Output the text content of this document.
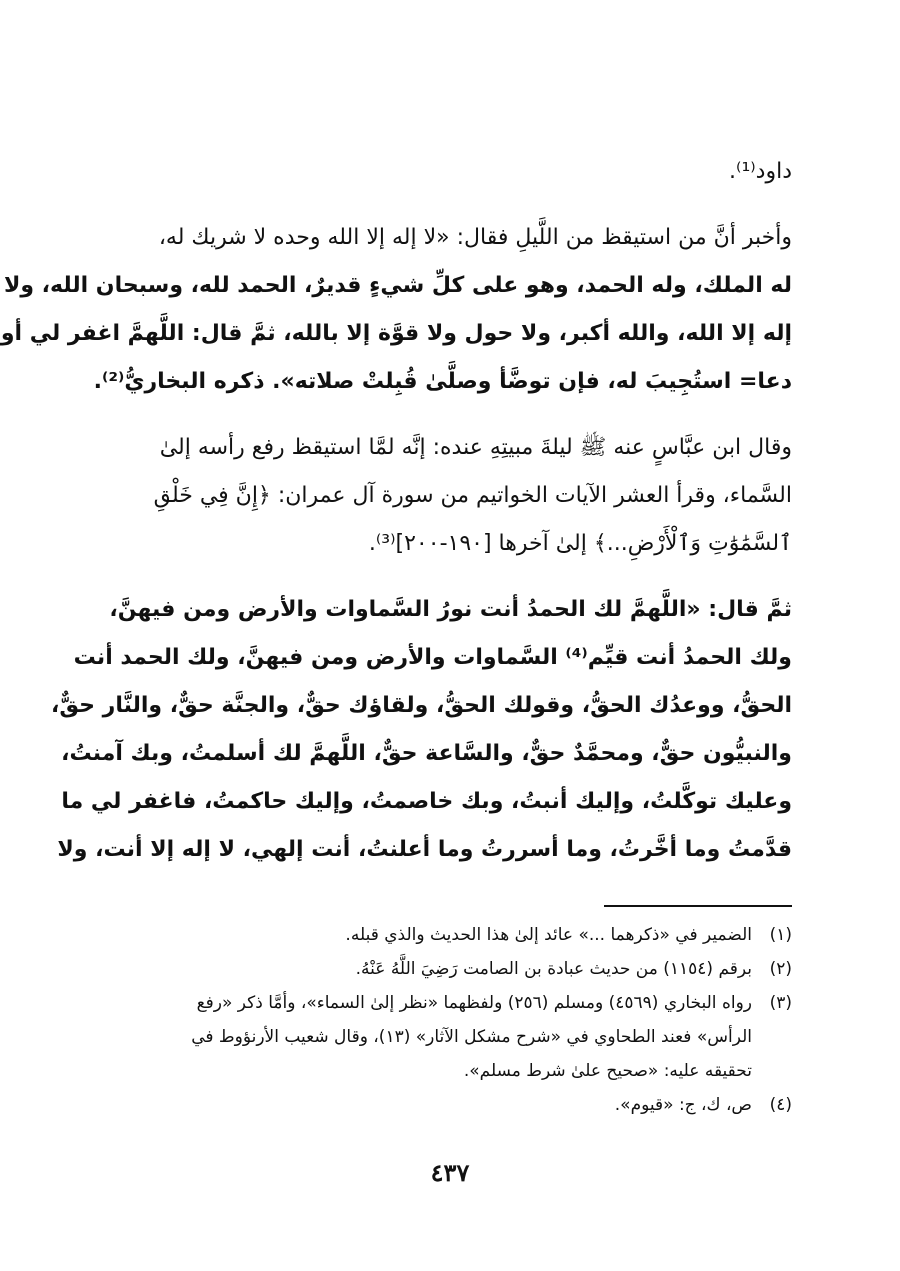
داود⁽¹⁾.
وأخبر أنَّ من استيقظ من اللَّيلِ فقال: «لا إله إلا الله وحده لا شريك له،
له الملك، وله الحمد، وهو على كلِّ شيءٍ قديرٌ، الحمد لله، وسبحان الله، ولا
إله إلا الله، والله أكبر، ولا حول ولا قوَّة إلا بالله، ثمَّ قال: اللَّهمَّ اغفر لي أو
دعا= استُجِيبَ له، فإن توضَّأ وصلَّىٰ قُبِلتْ صلاته». ذكره البخاريُّ⁽²⁾.
وقال ابن عبَّاسٍ عنه ﷺ ليلةَ مبيتِهِ عنده: إنَّه لمَّا استيقظ رفع رأسه إلىٰ
السَّماء، وقرأ العشر الآيات الخواتيم من سورة آل عمران: ﴿إِنَّ فِي خَلْقِ
ٱلسَّمَٰوَٰتِ وَٱلْأَرْضِ...﴾ إلىٰ آخرها [١٩٠-٢٠٠]⁽³⁾.
ثمَّ قال: «اللَّهمَّ لك الحمدُ أنت نورُ السَّماوات والأرض ومن فيهنَّ،
ولك الحمدُ أنت قيِّم⁽⁴⁾ السَّماوات والأرض ومن فيهنَّ، ولك الحمد أنت
الحقُّ، ووعدُك الحقُّ، وقولك الحقُّ، ولقاؤك حقٌّ، والجنَّة حقٌّ، والنَّار حقٌّ،
والنبيُّون حقٌّ، ومحمَّدٌ حقٌّ، والسَّاعة حقٌّ، اللَّهمَّ لك أسلمتُ، وبك آمنتُ،
وعليك توكَّلتُ، وإليك أنبتُ، وبك خاصمتُ، وإليك حاكمتُ، فاغفر لي ما
قدَّمتُ وما أخَّرتُ، وما أسررتُ وما أعلنتُ، أنت إلهي، لا إله إلا أنت، ولا
(١)
الضمير في «ذكرهما ...» عائد إلىٰ هذا الحديث والذي قبله.
(٢)
برقم (١١٥٤) من حديث عبادة بن الصامت رَضِيَ اللَّهُ عَنْهُ.
(٣)
رواه البخاري (٤٥٦٩) ومسلم (٢٥٦) ولفظهما «نظر إلىٰ السماء»، وأمَّا ذكر «رفع
الرأس» فعند الطحاوي في «شرح مشكل الآثار» (١٣)، وقال شعيب الأرنؤوط في
تحقيقه عليه: «صحيح علىٰ شرط مسلم».
(٤)
ص، ك، ج: «قيوم».
٤٣٧
